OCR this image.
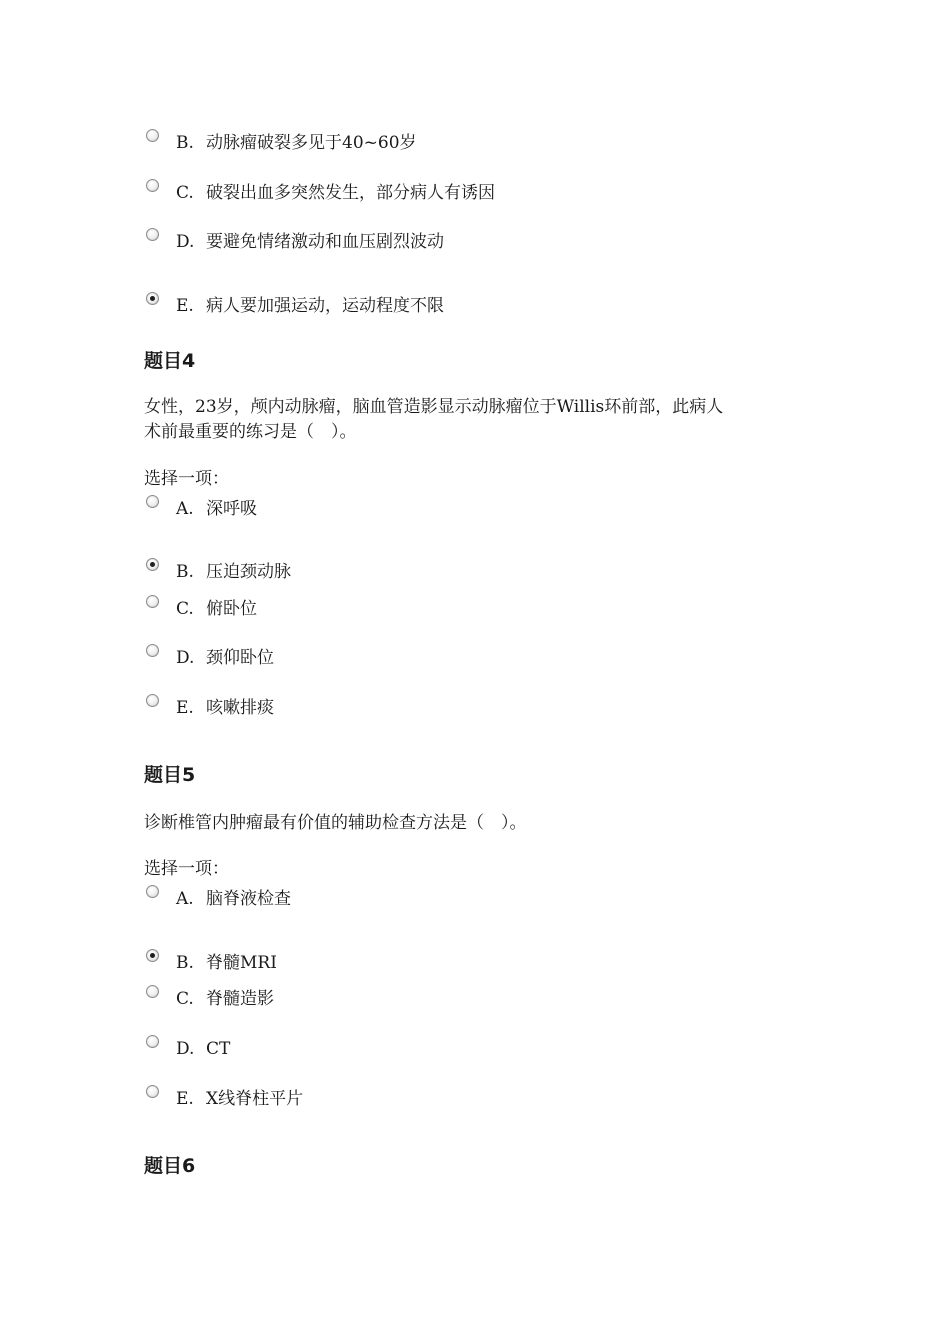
B. 动脉瘤破裂多见于40~60岁
C. 破裂出血多突然发生，部分病人有诱因
D. 要避免情绪激动和血压剧烈波动
E. 病人要加强运动，运动程度不限
题目4
女性，23岁，颅内动脉瘤，脑血管造影显示动脉瘤位于Willis环前部，此病人
术前最重要的练习是（　）。
选择一项：
A. 深呼吸
B. 压迫颈动脉
C. 俯卧位
D. 颈仰卧位
E. 咳嗽排痰
题目5
诊断椎管内肿瘤最有价值的辅助检查方法是（　）。
选择一项：
A. 脑脊液检查
B. 脊髓MRI
C. 脊髓造影
D. CT
E. X线脊柱平片
题目6
